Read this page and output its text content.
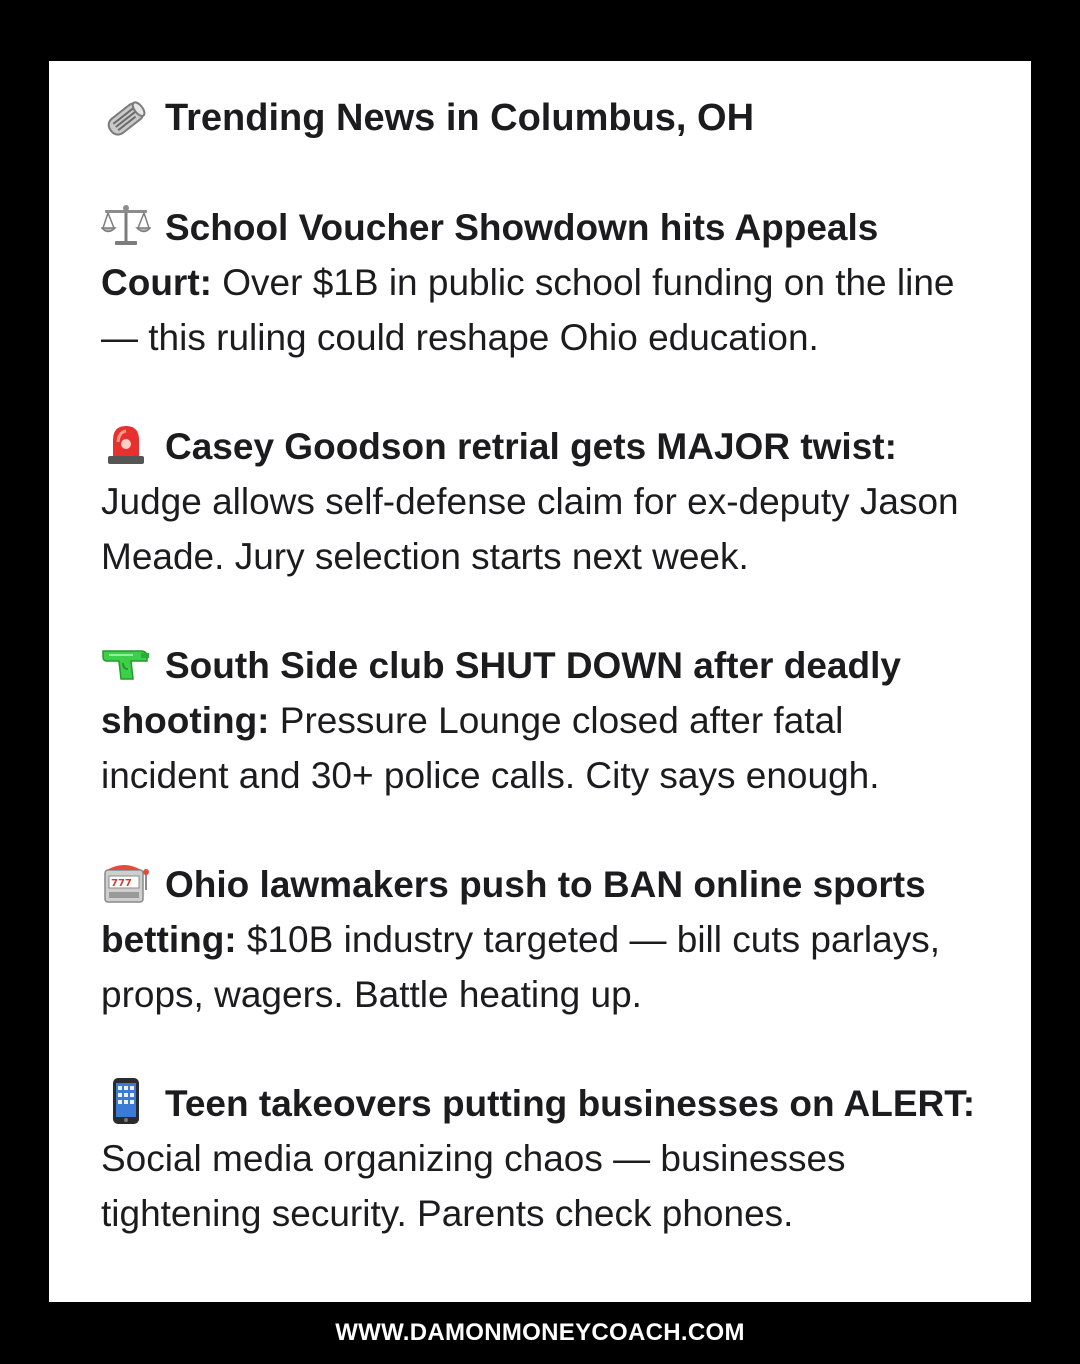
Trending News in Columbus, OH
School Voucher Showdown hits Appeals Court: Over $1B in public school funding on the line — this ruling could reshape Ohio education.
Casey Goodson retrial gets MAJOR twist: Judge allows self-defense claim for ex-deputy Jason Meade. Jury selection starts next week.
South Side club SHUT DOWN after deadly shooting: Pressure Lounge closed after fatal incident and 30+ police calls. City says enough.
777 Ohio lawmakers push to BAN online sports betting: $10B industry targeted — bill cuts parlays, props, wagers. Battle heating up.
Teen takeovers putting businesses on ALERT: Social media organizing chaos — businesses tightening security. Parents check phones.
WWW.DAMONMONEYCOACH.COM
